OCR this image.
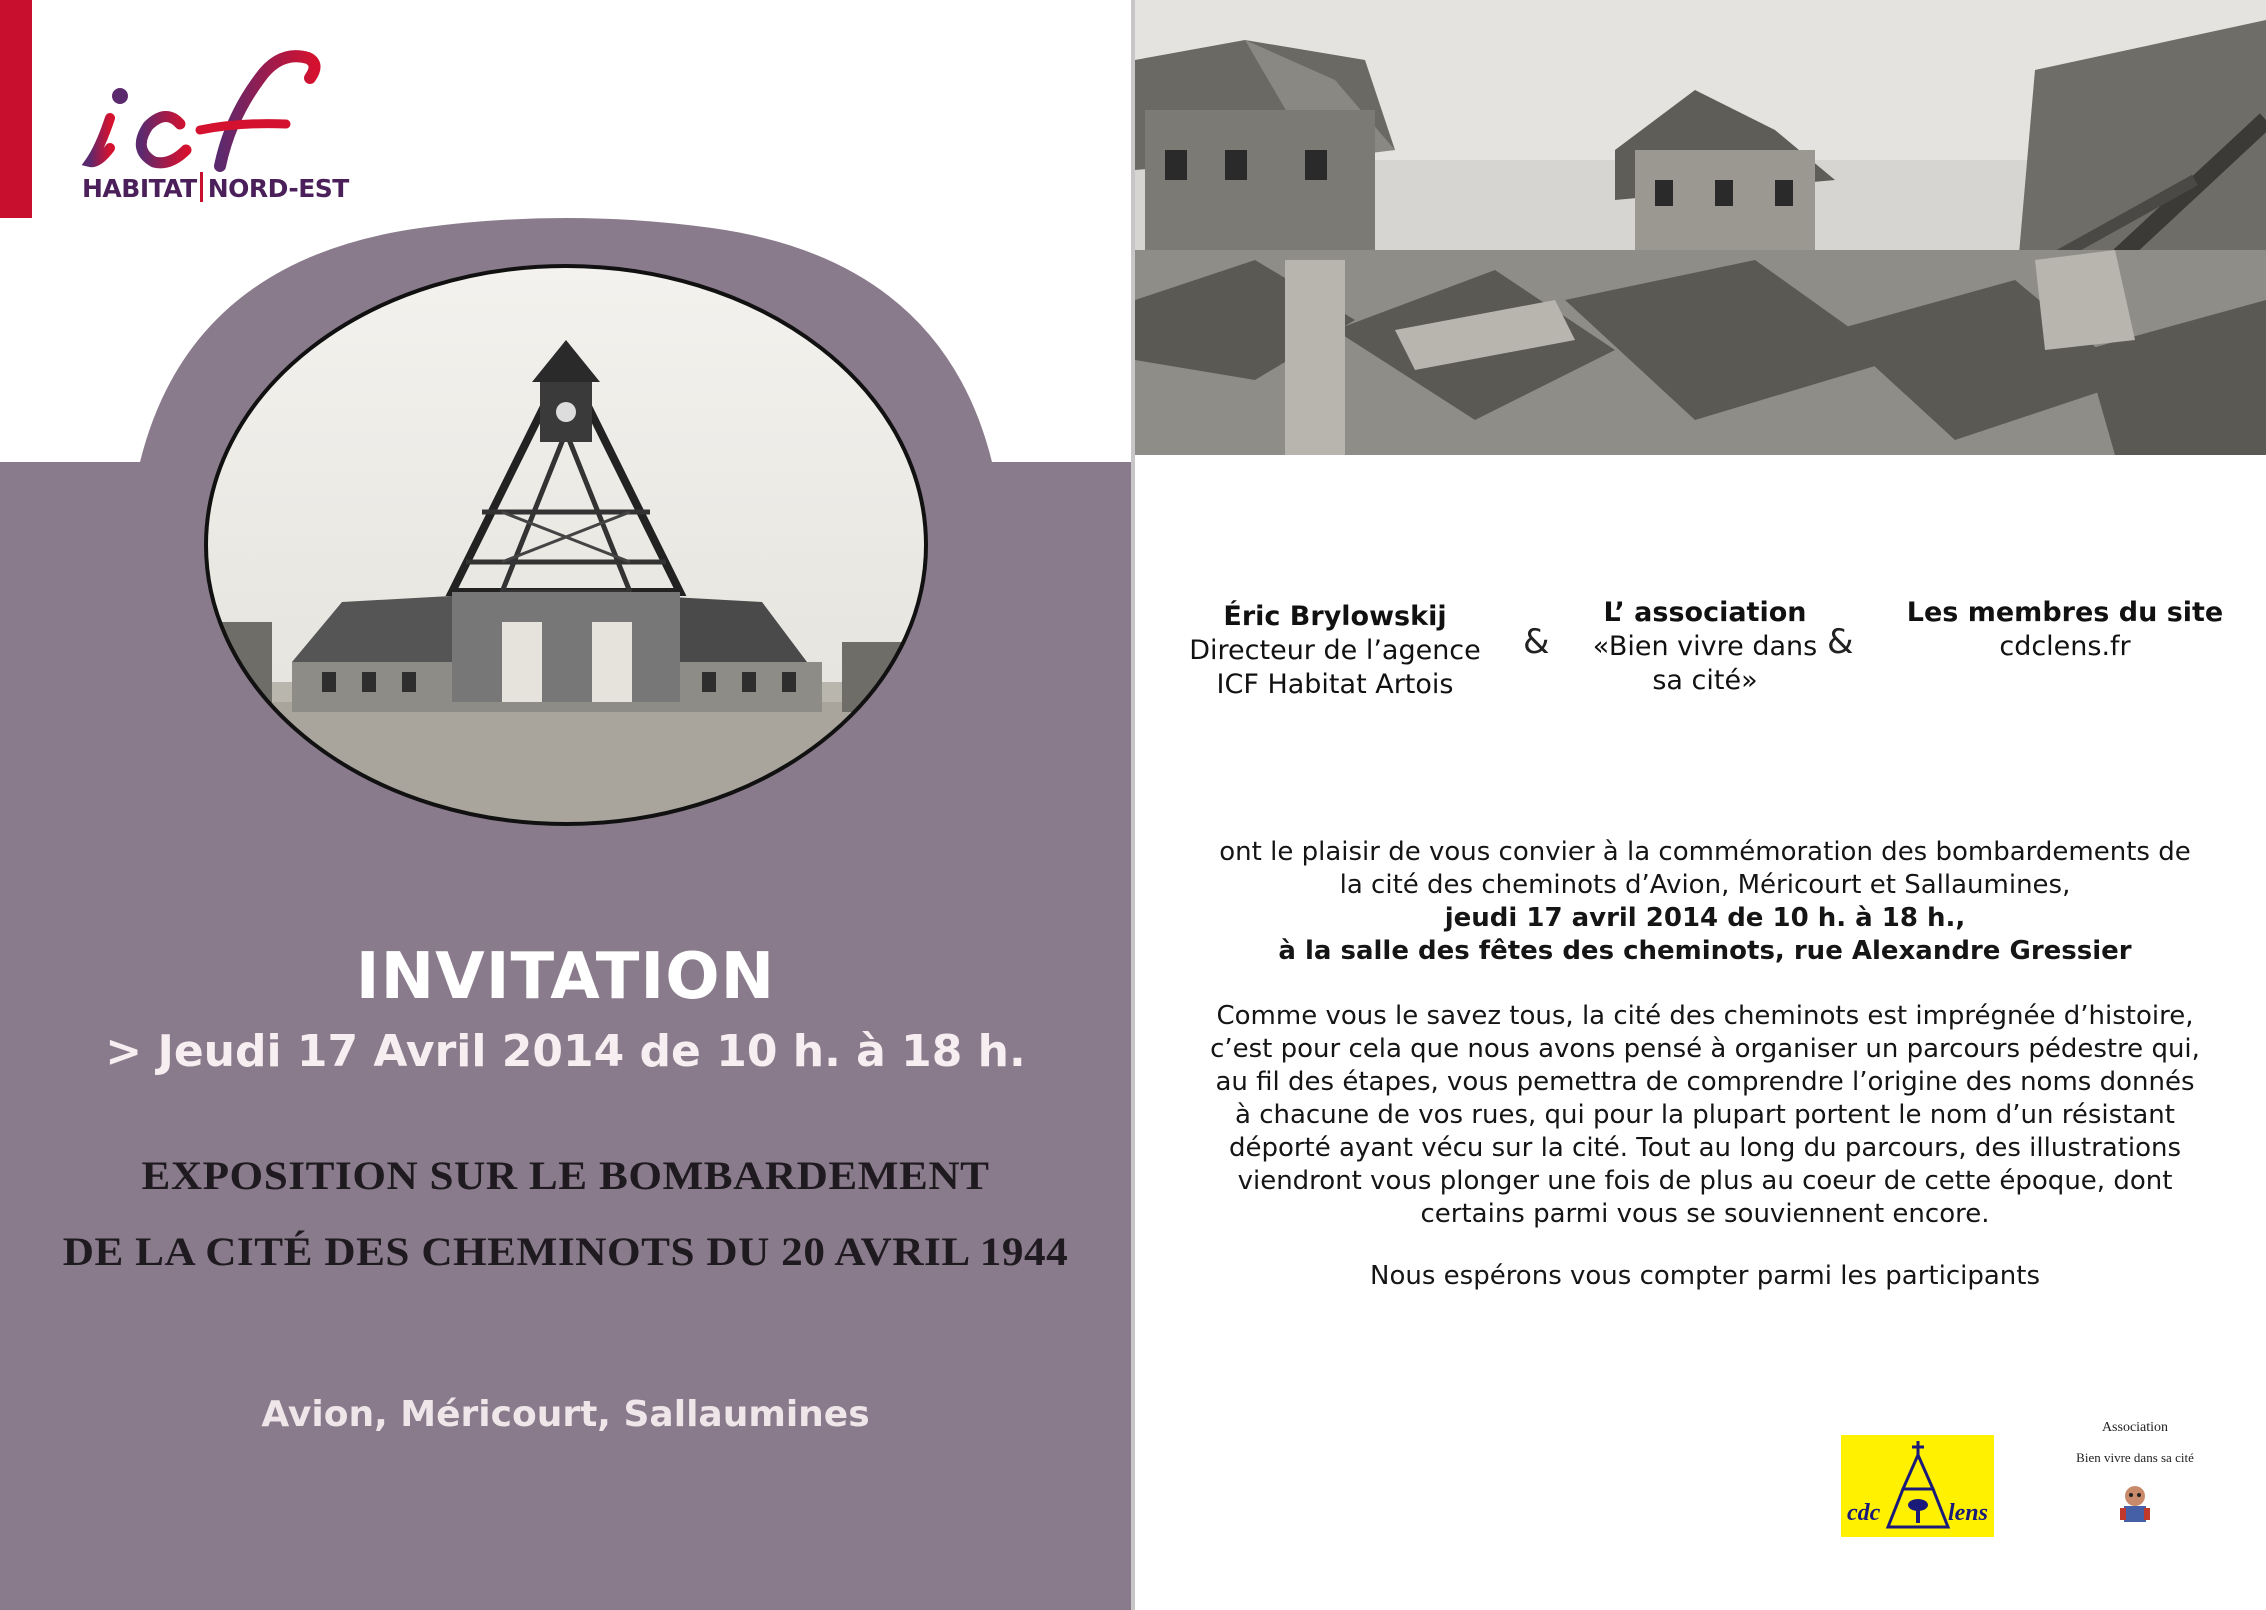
HABITAT NORD-EST
INVITATION
> Jeudi 17 Avril 2014 de 10 h. à 18 h.
EXPOSITION SUR LE BOMBARDEMENT
DE LA CITÉ DES CHEMINOTS DU 20 AVRIL 1944
Avion, Méricourt, Sallaumines
Éric Brylowskij
Directeur de l’agence
ICF Habitat Artois
&
L’ association
«Bien vivre dans
sa cité»
&
Les membres du site
cdclens.fr
ont le plaisir de vous convier à la commémoration des bombardements de
la cité des cheminots d’Avion, Méricourt et Sallaumines,
jeudi 17 avril 2014 de 10 h. à 18 h.,
à la salle des fêtes des cheminots, rue Alexandre Gressier
Comme vous le savez tous, la cité des cheminots est imprégnée d’histoire,
c’est pour cela que nous avons pensé à organiser un parcours pédestre qui,
au fil des étapes, vous pemettra de comprendre l’origine des noms donnés
à chacune de vos rues, qui pour la plupart portent le nom d’un résistant
déporté ayant vécu sur la cité. Tout au long du parcours, des illustrations
viendront vous plonger une fois de plus au coeur de cette époque, dont
certains parmi vous se souviennent encore.
Nous espérons vous compter parmi les participants
cdc	lens
Association
Bien vivre dans sa cité
